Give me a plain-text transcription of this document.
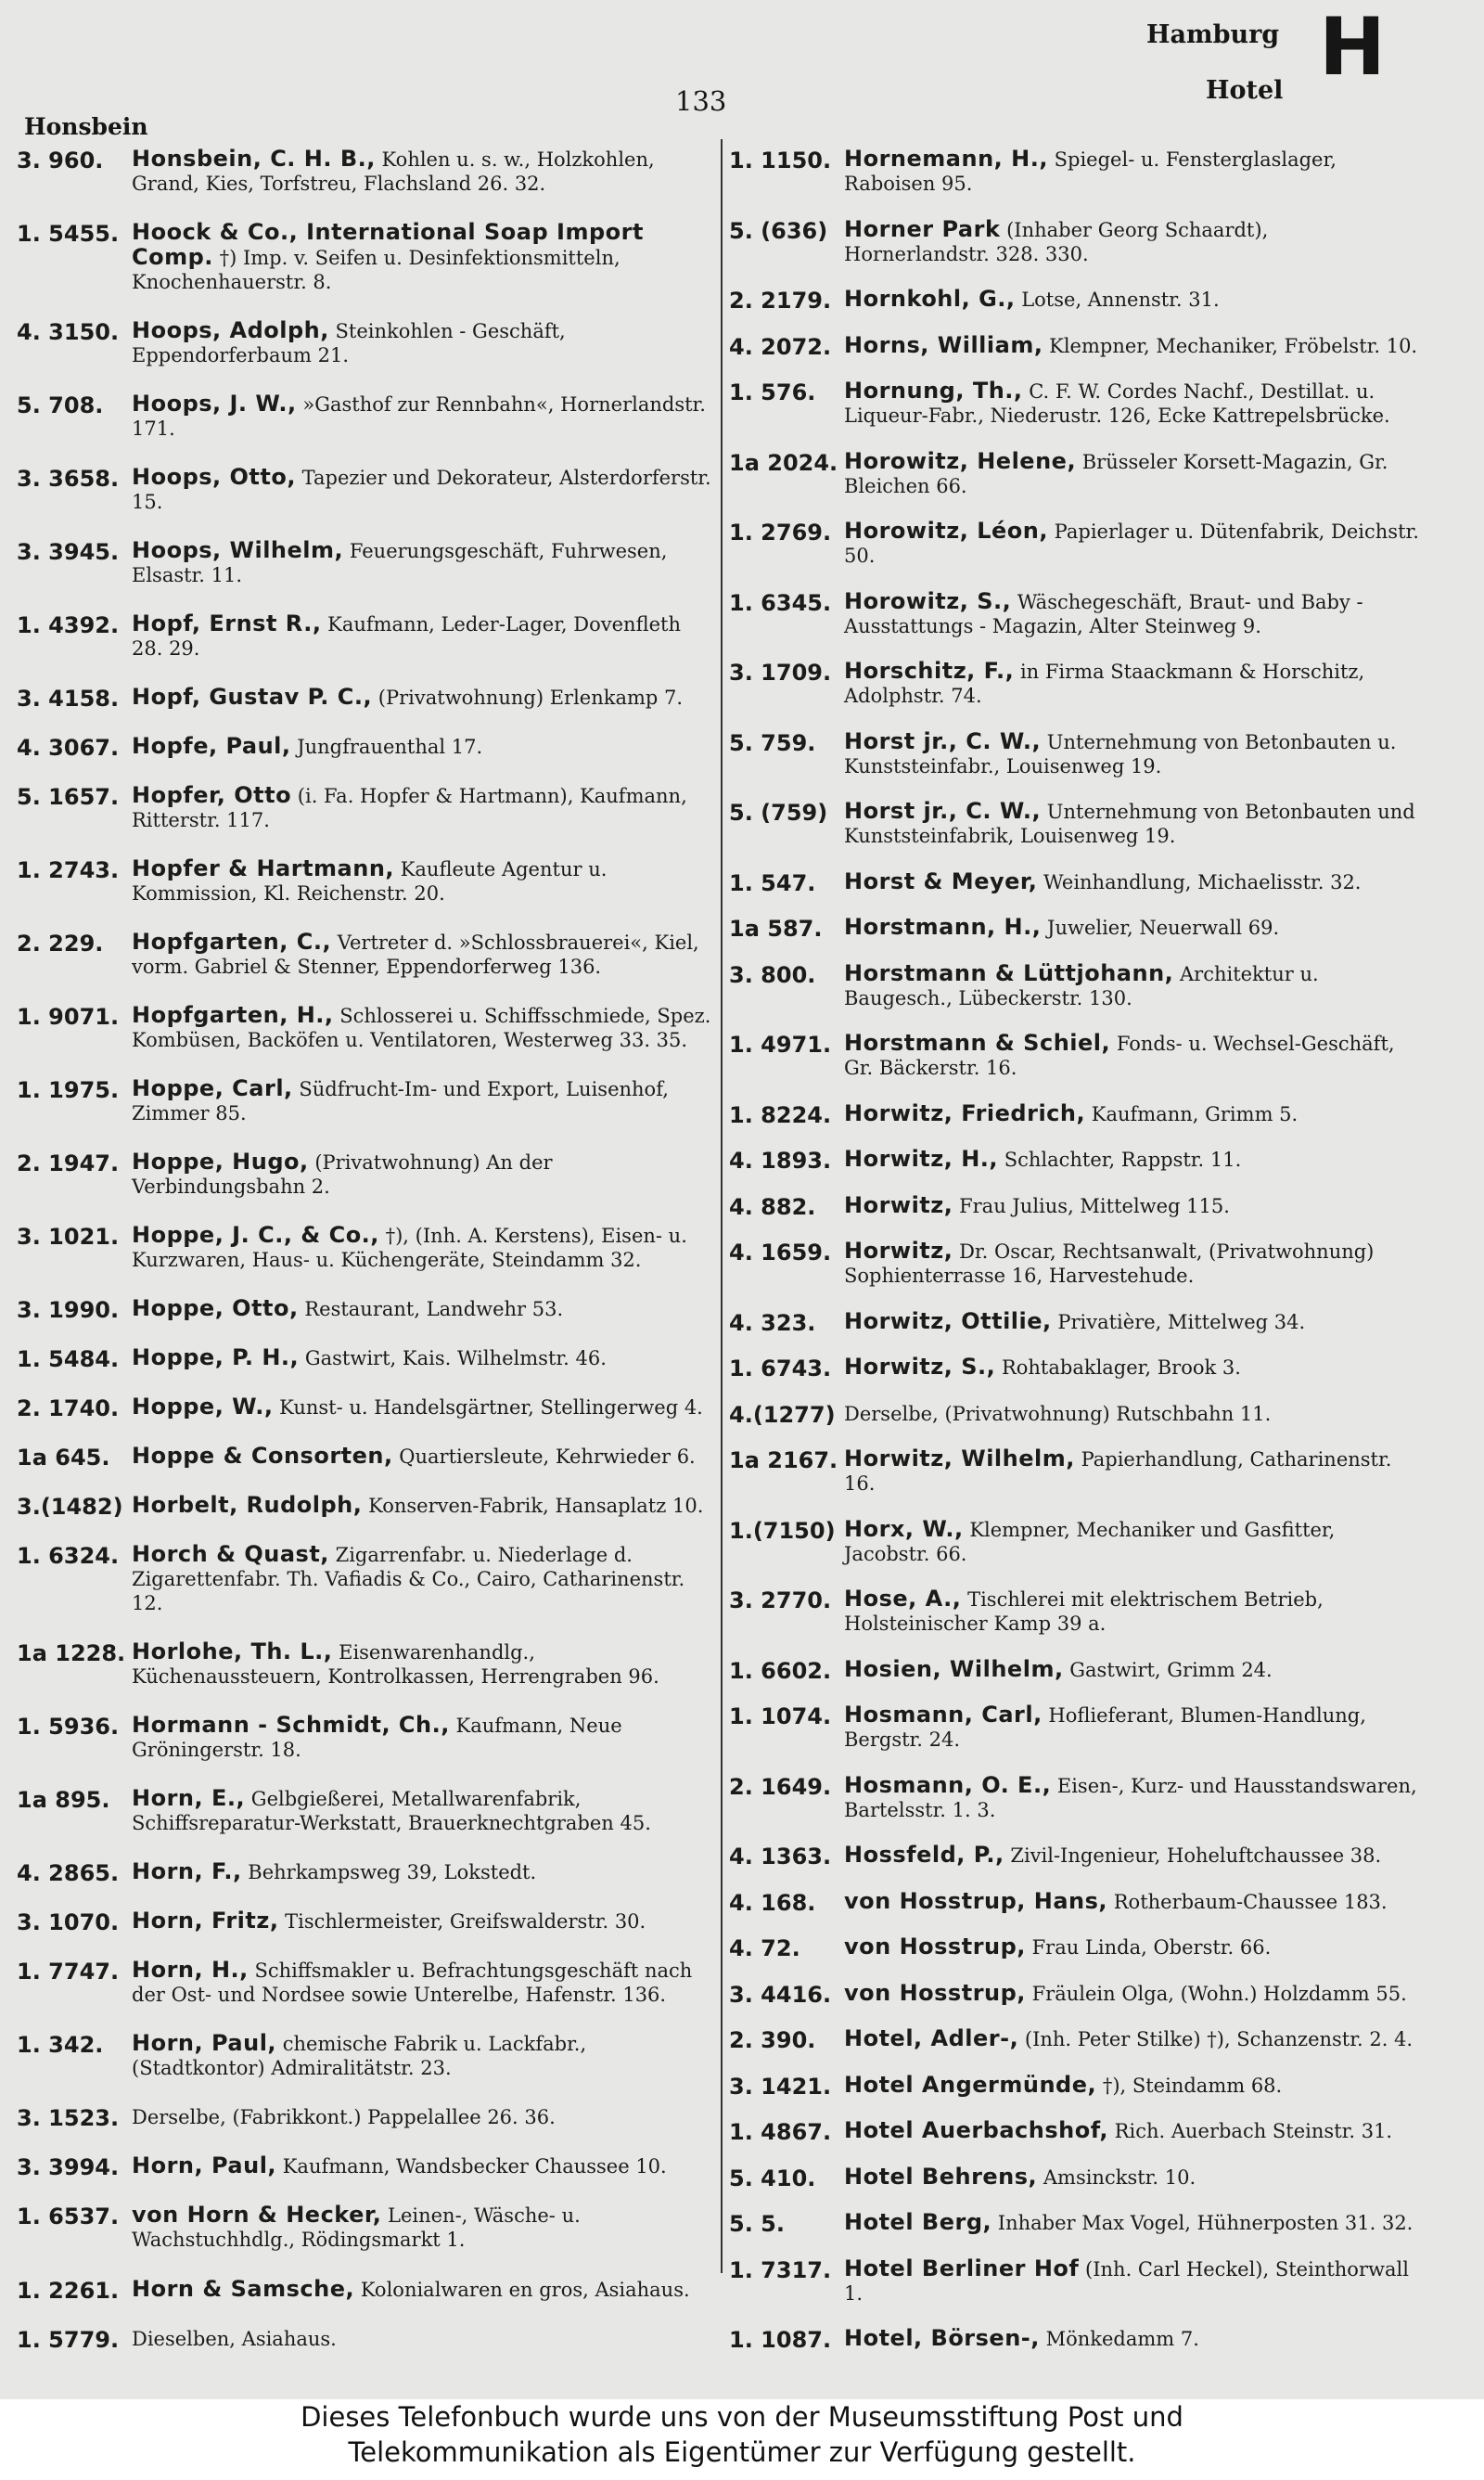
Honsbein
133
Hamburg
Hotel H
3. 960. Honsbein, C. H. B., Kohlen u. s. w., Holzkohlen, Grand, Kies, Torfstreu, Flachsland 26. 32.
1. 5455. Hoock & Co., International Soap Import Comp. †) Imp. v. Seifen u. Desinfektionsmitteln, Knochenhauerstr. 8.
4. 3150. Hoops, Adolph, Steinkohlen - Geschäft, Eppendorferbaum 21.
5. 708. Hoops, J. W., »Gasthof zur Rennbahn«, Hornerlandstr. 171.
3. 3658. Hoops, Otto, Tapezier und Dekorateur, Alsterdorferstr. 15.
3. 3945. Hoops, Wilhelm, Feuerungsgeschäft, Fuhrwesen, Elsastr. 11.
1. 4392. Hopf, Ernst R., Kaufmann, Leder-Lager, Dovenfleth 28. 29.
3. 4158. Hopf, Gustav P. C., (Privatwohnung) Erlenkamp 7.
4. 3067. Hopfe, Paul, Jungfrauenthal 17.
5. 1657. Hopfer, Otto (i. Fa. Hopfer & Hartmann), Kaufmann, Ritterstr. 117.
1. 2743. Hopfer & Hartmann, Kaufleute Agentur u. Kommission, Kl. Reichenstr. 20.
2. 229. Hopfgarten, C., Vertreter d. »Schlossbrauerei«, Kiel, vorm. Gabriel & Stenner, Eppendorferweg 136.
1. 9071. Hopfgarten, H., Schlosserei u. Schiffsschmiede, Spez. Kombüsen, Backöfen u. Ventilatoren, Westerweg 33. 35.
1. 1975. Hoppe, Carl, Südfrucht-Im- und Export, Luisenhof, Zimmer 85.
2. 1947. Hoppe, Hugo, (Privatwohnung) An der Verbindungsbahn 2.
3. 1021. Hoppe, J. C., & Co., †), (Inh. A. Kerstens), Eisen- u. Kurzwaren, Haus- u. Küchengeräte, Steindamm 32.
3. 1990. Hoppe, Otto, Restaurant, Landwehr 53.
1. 5484. Hoppe, P. H., Gastwirt, Kais. Wilhelmstr. 46.
2. 1740. Hoppe, W., Kunst- u. Handelsgärtner, Stellingerweg 4.
1a 645. Hoppe & Consorten, Quartiersleute, Kehrwieder 6.
3.(1482) Horbelt, Rudolph, Konserven-Fabrik, Hansaplatz 10.
1. 6324. Horch & Quast, Zigarrenfabr. u. Niederlage d. Zigarettenfabr. Th. Vafiadis & Co., Cairo, Catharinenstr. 12.
1a 1228. Horlohe, Th. L., Eisenwarenhandlg., Küchenaussteuern, Kontrolkassen, Herrengraben 96.
1. 5936. Hormann - Schmidt, Ch., Kaufmann, Neue Gröningerstr. 18.
1a 895. Horn, E., Gelbgießerei, Metallwarenfabrik, Schiffsreparatur-Werkstatt, Brauerknechtgraben 45.
4. 2865. Horn, F., Behrkampsweg 39, Lokstedt.
3. 1070. Horn, Fritz, Tischlermeister, Greifswalderstr. 30.
1. 7747. Horn, H., Schiffsmakler u. Befrachtungsgeschäft nach der Ost- und Nordsee sowie Unterelbe, Hafenstr. 136.
1. 342. Horn, Paul, chemische Fabrik u. Lackfabr., (Stadtkontor) Admiralitätstr. 23.
3. 1523. Derselbe, (Fabrikkont.) Pappelallee 26. 36.
3. 3994. Horn, Paul, Kaufmann, Wandsbecker Chaussee 10.
1. 6537. von Horn & Hecker, Leinen-, Wäsche- u. Wachstuchhdlg., Rödingsmarkt 1.
1. 2261. Horn & Samsche, Kolonialwaren en gros, Asiahaus.
1. 5779. Dieselben, Asiahaus.
1. 1150. Hornemann, H., Spiegel- u. Fensterglaslager, Raboisen 95.
5. (636) Horner Park (Inhaber Georg Schaardt), Hornerlandstr. 328. 330.
2. 2179. Hornkohl, G., Lotse, Annenstr. 31.
4. 2072. Horns, William, Klempner, Mechaniker, Fröbelstr. 10.
1. 576. Hornung, Th., C. F. W. Cordes Nachf., Destillat. u. Liqueur-Fabr., Niederustr. 126, Ecke Kattrepelsbrücke.
1a 2024. Horowitz, Helene, Brüsseler Korsett-Magazin, Gr. Bleichen 66.
1. 2769. Horowitz, Léon, Papierlager u. Dütenfabrik, Deichstr. 50.
1. 6345. Horowitz, S., Wäschegeschäft, Braut- und Baby - Ausstattungs - Magazin, Alter Steinweg 9.
3. 1709. Horschitz, F., in Firma Staackmann & Horschitz, Adolphstr. 74.
5. 759. Horst jr., C. W., Unternehmung von Betonbauten u. Kunststeinfabr., Louisenweg 19.
5. (759) Horst jr., C. W., Unternehmung von Betonbauten und Kunststeinfabrik, Louisenweg 19.
1. 547. Horst & Meyer, Weinhandlung, Michaelisstr. 32.
1a 587. Horstmann, H., Juwelier, Neuerwall 69.
3. 800. Horstmann & Lüttjohann, Architektur u. Baugesch., Lübeckerstr. 130.
1. 4971. Horstmann & Schiel, Fonds- u. Wechsel-Geschäft, Gr. Bäckerstr. 16.
1. 8224. Horwitz, Friedrich, Kaufmann, Grimm 5.
4. 1893. Horwitz, H., Schlachter, Rappstr. 11.
4. 882. Horwitz, Frau Julius, Mittelweg 115.
4. 1659. Horwitz, Dr. Oscar, Rechtsanwalt, (Privatwohnung) Sophienterrasse 16, Harvestehude.
4. 323. Horwitz, Ottilie, Privatière, Mittelweg 34.
1. 6743. Horwitz, S., Rohtabaklager, Brook 3.
4.(1277) Derselbe, (Privatwohnung) Rutschbahn 11.
1a 2167. Horwitz, Wilhelm, Papierhandlung, Catharinenstr. 16.
1.(7150) Horx, W., Klempner, Mechaniker und Gasfitter, Jacobstr. 66.
3. 2770. Hose, A., Tischlerei mit elektrischem Betrieb, Holsteinischer Kamp 39 a.
1. 6602. Hosien, Wilhelm, Gastwirt, Grimm 24.
1. 1074. Hosmann, Carl, Hoflieferant, Blumen-Handlung, Bergstr. 24.
2. 1649. Hosmann, O. E., Eisen-, Kurz- und Hausstandswaren, Bartelsstr. 1. 3.
4. 1363. Hossfeld, P., Zivil-Ingenieur, Hoheluftchaussee 38.
4. 168. von Hosstrup, Hans, Rotherbaum-Chaussee 183.
4. 72. von Hosstrup, Frau Linda, Oberstr. 66.
3. 4416. von Hosstrup, Fräulein Olga, (Wohn.) Holzdamm 55.
2. 390. Hotel, Adler-, (Inh. Peter Stilke) †), Schanzenstr. 2. 4.
3. 1421. Hotel Angermünde, †), Steindamm 68.
1. 4867. Hotel Auerbachshof, Rich. Auerbach Steinstr. 31.
5. 410. Hotel Behrens, Amsinckstr. 10.
5. 5.	Hotel Berg, Inhaber Max Vogel, Hühnerposten 31. 32.
1. 7317. Hotel Berliner Hof (Inh. Carl Heckel), Steinthorwall 1.
1. 1087. Hotel, Börsen-, Mönkedamm 7.
Dieses Telefonbuch wurde uns von der Museumsstiftung Post und
Telekommunikation als Eigentümer zur Verfügung gestellt.
